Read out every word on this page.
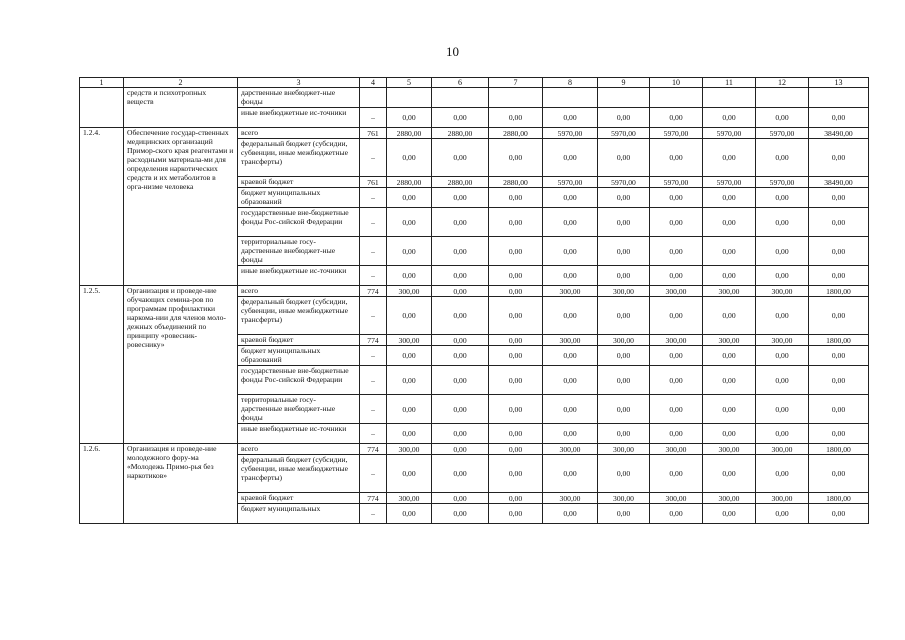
10
1	2	3	4	5	6	7	8	9	10	11	12	13
	средств и психотропных веществ	дарственные внебюджет-ные фонды										
		иные внебюджетные ис-точники	–	0,00	0,00	0,00	0,00	0,00	0,00	0,00	0,00	0,00
1.2.4.	Обеспечение государ-ственных медицинских организаций Примор-ского края реагентами и расходными материала-ми для определения наркотических средств и их метаболитов в орга-низме человека	всего	761	2880,00	2880,00	2880,00	5970,00	5970,00	5970,00	5970,00	5970,00	38490,00
		федеральный бюджет (субсидии, субвенции, иные межбюджетные трансферты)	–	0,00	0,00	0,00	0,00	0,00	0,00	0,00	0,00	0,00
		краевой бюджет	761	2880,00	2880,00	2880,00	5970,00	5970,00	5970,00	5970,00	5970,00	38490,00
		бюджет муниципальных образований	–	0,00	0,00	0,00	0,00	0,00	0,00	0,00	0,00	0,00
		государственные вне-бюджетные фонды Рос-сийской Федерации	–	0,00	0,00	0,00	0,00	0,00	0,00	0,00	0,00	0,00
		территориальные госу-дарственные внебюджет-ные фонды	–	0,00	0,00	0,00	0,00	0,00	0,00	0,00	0,00	0,00
		иные внебюджетные ис-точники	–	0,00	0,00	0,00	0,00	0,00	0,00	0,00	0,00	0,00
1.2.5.	Организация и проведе-ние обучающих семина-ров по программам профилактики наркома-нии для членов моло-дежных объединений по принципу «ровесник-ровеснику»	всего	774	300,00	0,00	0,00	300,00	300,00	300,00	300,00	300,00	1800,00
		федеральный бюджет (субсидии, субвенции, иные межбюджетные трансферты)	–	0,00	0,00	0,00	0,00	0,00	0,00	0,00	0,00	0,00
		краевой бюджет	774	300,00	0,00	0,00	300,00	300,00	300,00	300,00	300,00	1800,00
		бюджет муниципальных образований	–	0,00	0,00	0,00	0,00	0,00	0,00	0,00	0,00	0,00
		государственные вне-бюджетные фонды Рос-сийской Федерации	–	0,00	0,00	0,00	0,00	0,00	0,00	0,00	0,00	0,00
		территориальные госу-дарственные внебюджет-ные фонды	–	0,00	0,00	0,00	0,00	0,00	0,00	0,00	0,00	0,00
		иные внебюджетные ис-точники	–	0,00	0,00	0,00	0,00	0,00	0,00	0,00	0,00	0,00
1.2.6.	Организация и проведе-ние молодежного фору-ма «Молодежь Примо-рья без наркотиков»	всего	774	300,00	0,00	0,00	300,00	300,00	300,00	300,00	300,00	1800,00
		федеральный бюджет (субсидии, субвенции, иные межбюджетные трансферты)	–	0,00	0,00	0,00	0,00	0,00	0,00	0,00	0,00	0,00
		краевой бюджет	774	300,00	0,00	0,00	300,00	300,00	300,00	300,00	300,00	1800,00
		бюджет муниципальных	–	0,00	0,00	0,00	0,00	0,00	0,00	0,00	0,00	0,00
